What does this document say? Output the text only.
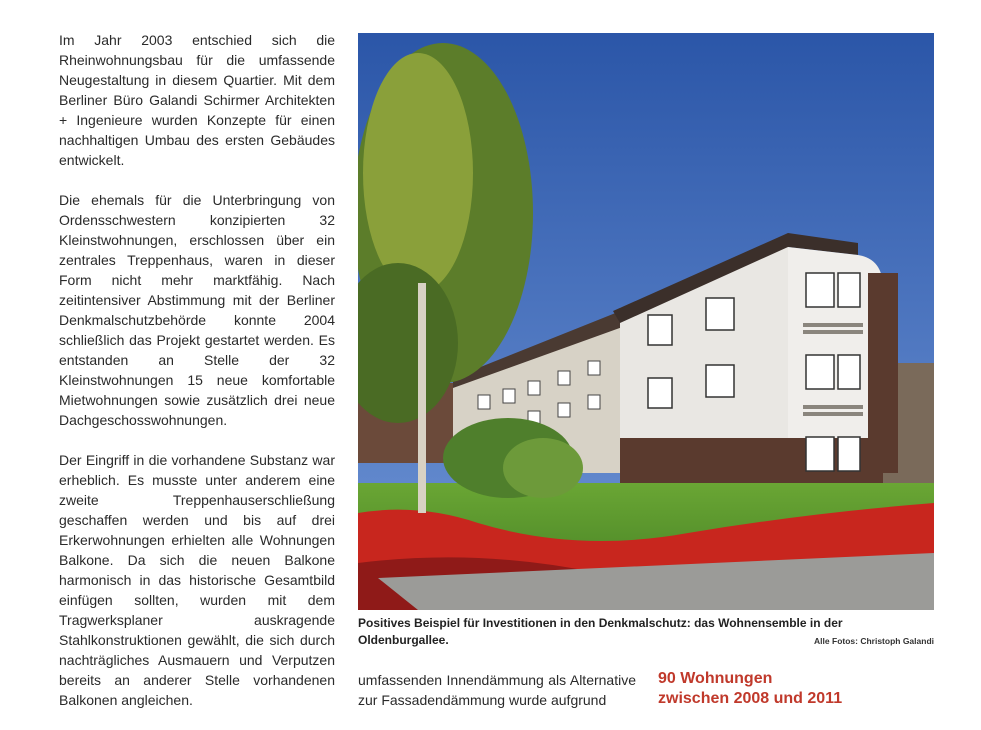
Im Jahr 2003 entschied sich die Rheinwohnungsbau für die umfassende Neugestaltung in diesem Quartier. Mit dem Berliner Büro Galandi Schirmer Architekten + Ingenieure wurden Konzepte für einen nachhaltigen Umbau des ersten Gebäudes entwickelt.

Die ehemals für die Unterbringung von Ordensschwestern konzipierten 32 Kleinstwohnungen, erschlossen über ein zentrales Treppenhaus, waren in dieser Form nicht mehr marktfähig. Nach zeitintensiver Abstimmung mit der Berliner Denkmalschutzbehörde konnte 2004 schließlich das Projekt gestartet werden. Es entstanden an Stelle der 32 Kleinstwohnungen 15 neue komfortable Mietwohnungen sowie zusätzlich drei neue Dachgeschosswohnungen.

Der Eingriff in die vorhandene Substanz war erheblich. Es musste unter anderem eine zweite Treppenhauserschließung geschaffen werden und bis auf drei Erkerwohnungen erhielten alle Wohnungen Balkone. Da sich die neuen Balkone harmonisch in das historische Gesamtbild einfügen sollten, wurden mit dem Tragwerksplaner auskragende Stahlkonstruktionen gewählt, die sich durch nachträgliches Ausmauern und Verputzen bereits an anderer Stelle vorhandenen Balkonen angleichen.

Positives Beispiel für Investitionen in den Denkmalschutz: das Wohnensemble in der Oldenburgallee.	Alle Fotos: Christoph Galandi

umfassenden Innendämmung als Alternative zur Fassadendämmung wurde aufgrund

90 Wohnungen
zwischen 2008 und 2011
